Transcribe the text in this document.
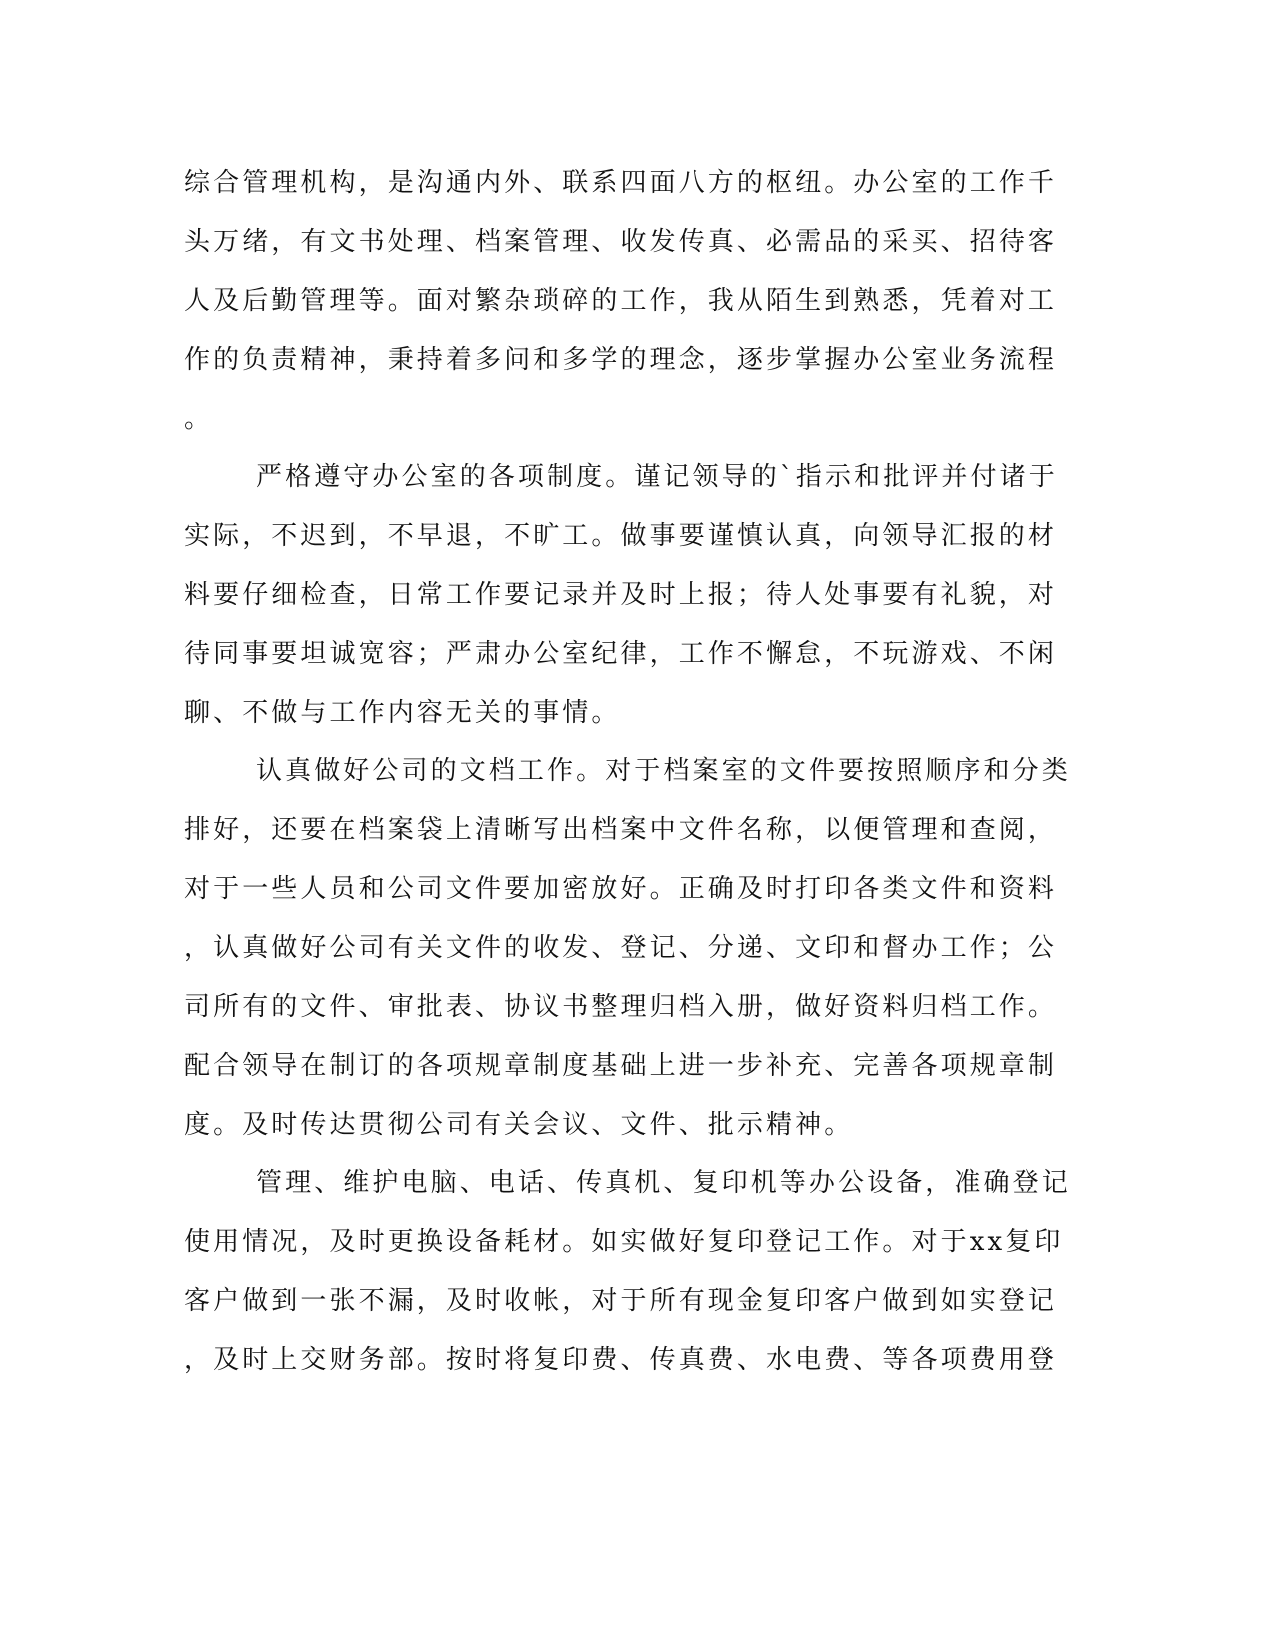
综合管理机构，是沟通内外、联系四面八方的枢纽。办公室的工作千
头万绪，有文书处理、档案管理、收发传真、必需品的采买、招待客
人及后勤管理等。面对繁杂琐碎的工作，我从陌生到熟悉，凭着对工
作的负责精神，秉持着多问和多学的理念，逐步掌握办公室业务流程
。
严格遵守办公室的各项制度。谨记领导的`指示和批评并付诸于
实际，不迟到，不早退，不旷工。做事要谨慎认真，向领导汇报的材
料要仔细检查，日常工作要记录并及时上报；待人处事要有礼貌，对
待同事要坦诚宽容；严肃办公室纪律，工作不懈怠，不玩游戏、不闲
聊、不做与工作内容无关的事情。
认真做好公司的文档工作。对于档案室的文件要按照顺序和分类
排好，还要在档案袋上清晰写出档案中文件名称，以便管理和查阅，
对于一些人员和公司文件要加密放好。正确及时打印各类文件和资料
，认真做好公司有关文件的收发、登记、分递、文印和督办工作；公
司所有的文件、审批表、协议书整理归档入册，做好资料归档工作。
配合领导在制订的各项规章制度基础上进一步补充、完善各项规章制
度。及时传达贯彻公司有关会议、文件、批示精神。
管理、维护电脑、电话、传真机、复印机等办公设备，准确登记
使用情况，及时更换设备耗材。如实做好复印登记工作。对于xx复印
客户做到一张不漏，及时收帐，对于所有现金复印客户做到如实登记
，及时上交财务部。按时将复印费、传真费、水电费、等各项费用登
